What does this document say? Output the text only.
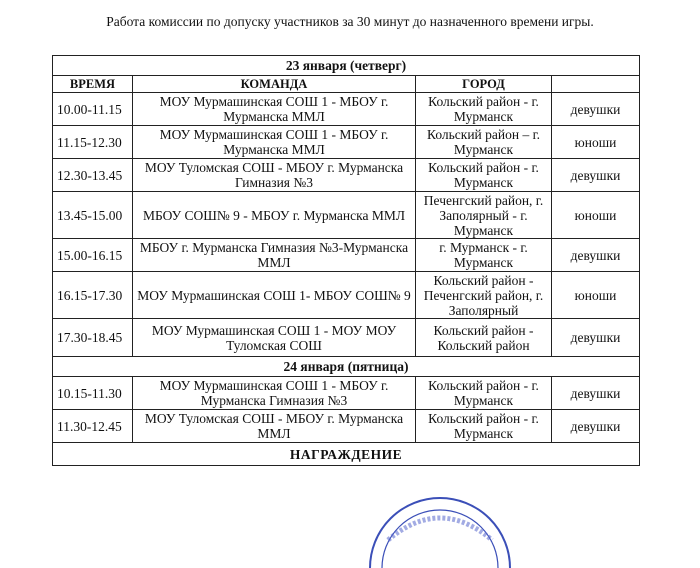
Работа комиссии по допуску участников за 30 минут до назначенного времени игры.
23 января (четверг)			
ВРЕМЯ	КОМАНДА	ГОРОД	
10.00-11.15	МОУ Мурмашинская СОШ 1 - МБОУ г. Мурманска ММЛ	Кольский район - г. Мурманск	девушки
11.15-12.30	МОУ Мурмашинская СОШ 1 - МБОУ г. Мурманска ММЛ	Кольский район – г. Мурманск	юноши
12.30-13.45	МОУ Туломская СОШ - МБОУ г. Мурманска Гимназия №3	Кольский район - г. Мурманск	девушки
13.45-15.00	МБОУ СОШ№ 9 - МБОУ г. Мурманска ММЛ	Печенгский район, г. Заполярный - г. Мурманск	юноши
15.00-16.15	МБОУ г. Мурманска Гимназия №3-Мурманска ММЛ	г. Мурманск - г. Мурманск	девушки
16.15-17.30	МОУ Мурмашинская СОШ 1- МБОУ СОШ№ 9	Кольский район - Печенгский район, г. Заполярный	юноши
17.30-18.45	МОУ Мурмашинская СОШ 1 - МОУ МОУ Туломская СОШ	Кольский район - Кольский район	девушки
24 января (пятница)			
10.15-11.30	МОУ Мурмашинская СОШ 1 - МБОУ г. Мурманска Гимназия №3	Кольский район - г. Мурманск	девушки
11.30-12.45	МОУ Туломская СОШ - МБОУ г. Мурманска ММЛ	Кольский район - г. Мурманск	девушки
НАГРАЖДЕНИЕ			
